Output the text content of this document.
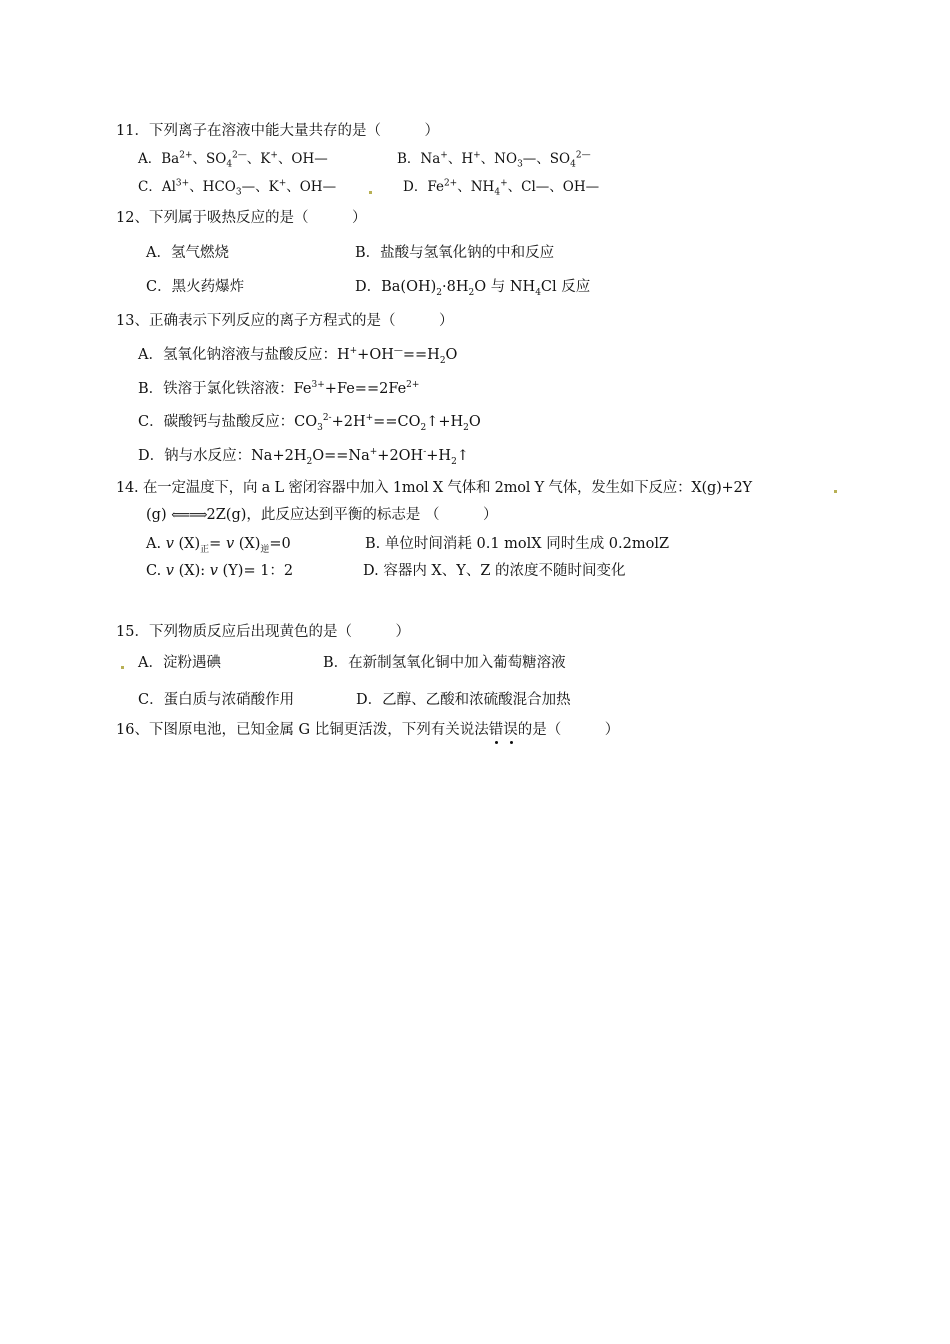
11．下列离子在溶液中能大量共存的是（　　　）
A．$Ba^{2+}$、$SO_4^{2—}$、K+、OH—	B．Na+、H+、$NO_3—$、$SO_4^{2—}$
C．$Al^{3+}$、$HCO_3—$、K+、OH—	D．$Fe^{2+}$、$NH_4^+$、Cl—、OH—
12、下列属于吸热反应的是（　　　）
A．氢气燃烧	B．盐酸与氢氧化钠的中和反应
C．黑火药爆炸	D．$Ba(OH)_2\cdot 8H_2O$ 与 $NH_4Cl$ 反应
13、正确表示下列反应的离子方程式的是（　　　）
A．氢氧化钠溶液与盐酸反应：$H^++OH^—==H_2O$
B．铁溶于氯化铁溶液：$Fe^{3+}+Fe==2Fe^{2+}$
C．碳酸钙与盐酸反应：$CO_3^{2-}+2H^+==CO_2↑+H_2O$
D．钠与水反应：$Na+2H_2O==Na^++2OH^-+H_2↑$
14. 在一定温度下，向 a L 密闭容器中加入 1mol X 气体和 2mol Y 气体，发生如下反应：X(g)+2Y
(g) ⟸⟹2Z(g)，此反应达到平衡的标志是 （　　　）
A. v $(X)_正= v$ $(X)_逆=0$	B. 单位时间消耗 0.1 molX 同时生成 0.2molZ
C. v (X): v (Y)= 1：2	D. 容器内 X、Y、Z 的浓度不随时间变化
15．下列物质反应后出现黄色的是（　　　）
A．淀粉遇碘	B．在新制氢氧化铜中加入葡萄糖溶液
C．蛋白质与浓硝酸作用	D．乙醇、乙酸和浓硫酸混合加热
16、下图原电池，已知金属 G 比铜更活泼，下列有关说法错误的是（　　　）
